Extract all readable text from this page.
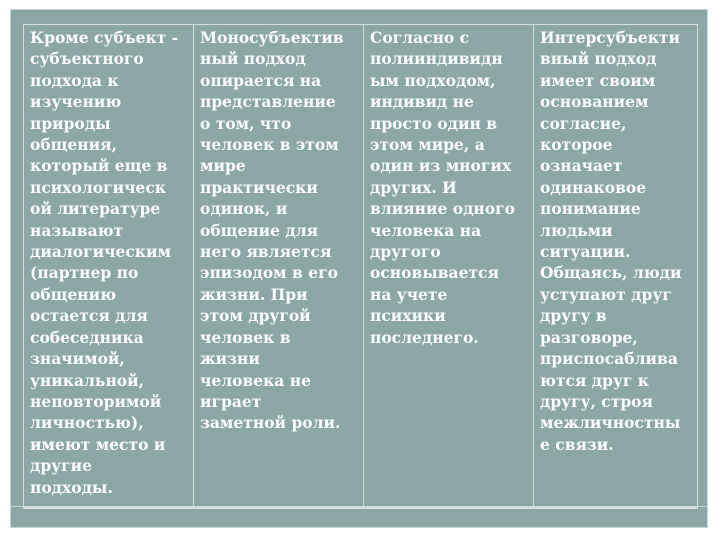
Кроме субъект -
субъектного
подхода к
изучению
природы
общения,
который еще в
психологическ
ой литературе
называют
диалогическим
(партнер по
общению
остается для
собеседника
значимой,
уникальной,
неповторимой
личностью),
имеют место и
другие
подходы.
Моносубъектив
ный подход
опирается на
представление
о том, что
человек в этом
мире
практически
одинок, и
общение для
него является
эпизодом в его
жизни. При
этом другой
человек в
жизни
человека не
играет
заметной роли.
Согласно с
полииндивидн
ым подходом,
индивид не
просто один в
этом мире, а
один из многих
других. И
влияние одного
человека на
другого
основывается
на учете
психики
последнего.
Интерсубъекти
вный подход
имеет своим
основанием
согласие,
которое
означает
одинаковое
понимание
людьми
ситуации.
Общаясь, люди
уступают друг
другу в
разговоре,
приспосаблива
ются друг к
другу, строя
межличностны
е связи.
